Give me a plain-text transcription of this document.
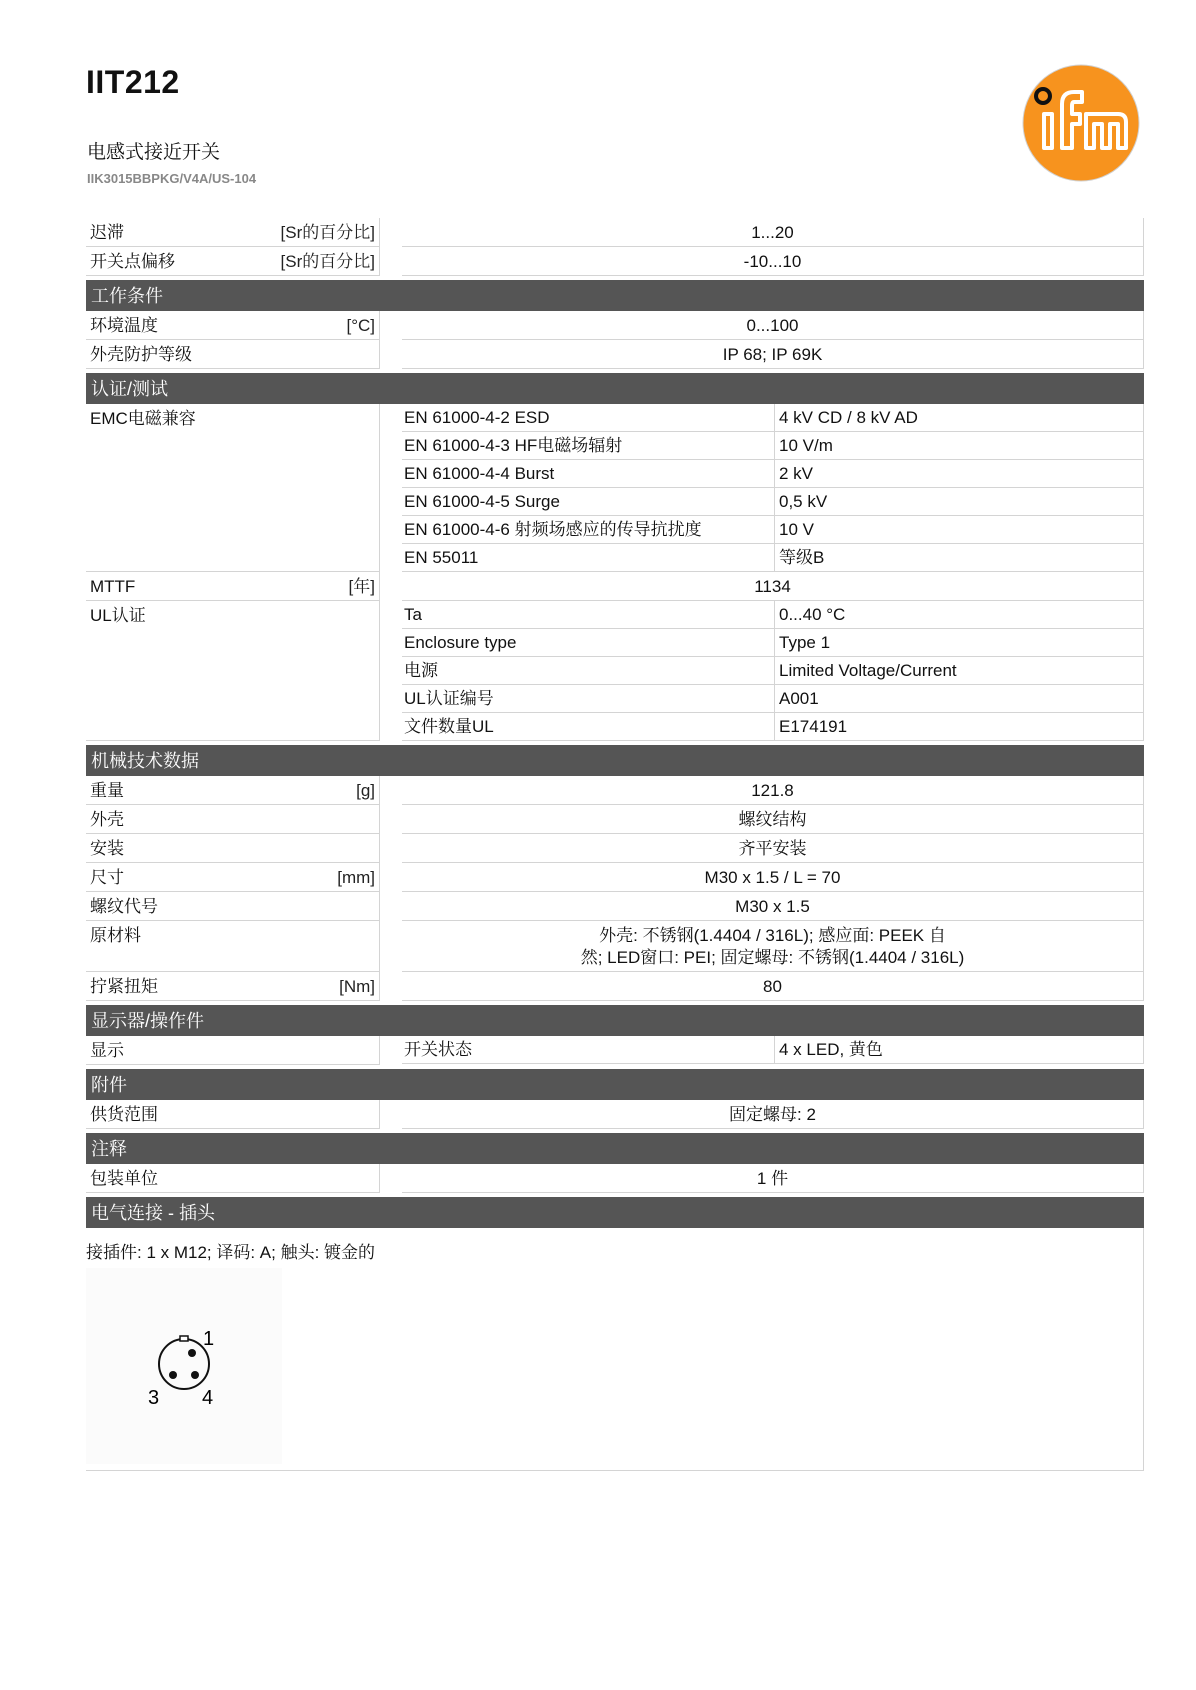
IIT212
电感式接近开关
IIK3015BBPKG/V4A/US-104
迟滞	[Sr的百分比]	1...20
开关点偏移	[Sr的百分比]	-10...10
工作条件
环境温度	[°C]	0...100
外壳防护等级	IP 68; IP 69K
认证/测试
EMC电磁兼容	EN 61000-4-2 ESD	4 kV CD / 8 kV AD
EN 61000-4-3 HF电磁场辐射	10 V/m
EN 61000-4-4 Burst	2 kV
EN 61000-4-5 Surge	0,5 kV
EN 61000-4-6 射频场感应的传导抗扰度	10 V
EN 55011	等级B
MTTF	[年]	1134
UL认证	Ta	0...40 °C
Enclosure type	Type 1
电源	Limited Voltage/Current
UL认证编号	A001
文件数量UL	E174191
机械技术数据
重量	[g]	121.8
外壳	螺纹结构
安装	齐平安装
尺寸	[mm]	M30 x 1.5 / L = 70
螺纹代号	M30 x 1.5
原材料	外壳: 不锈钢(1.4404 / 316L); 感应面: PEEK 自
然; LED窗口: PEI; 固定螺母: 不锈钢(1.4404 / 316L)
拧紧扭矩	[Nm]	80
显示器/操作件
显示	开关状态	4 x LED, 黄色
附件
供货范围	固定螺母: 2
注释
包装单位	1 件
电气连接 - 插头
接插件: 1 x M12; 译码: A; 触头: 镀金的
1
3 4
